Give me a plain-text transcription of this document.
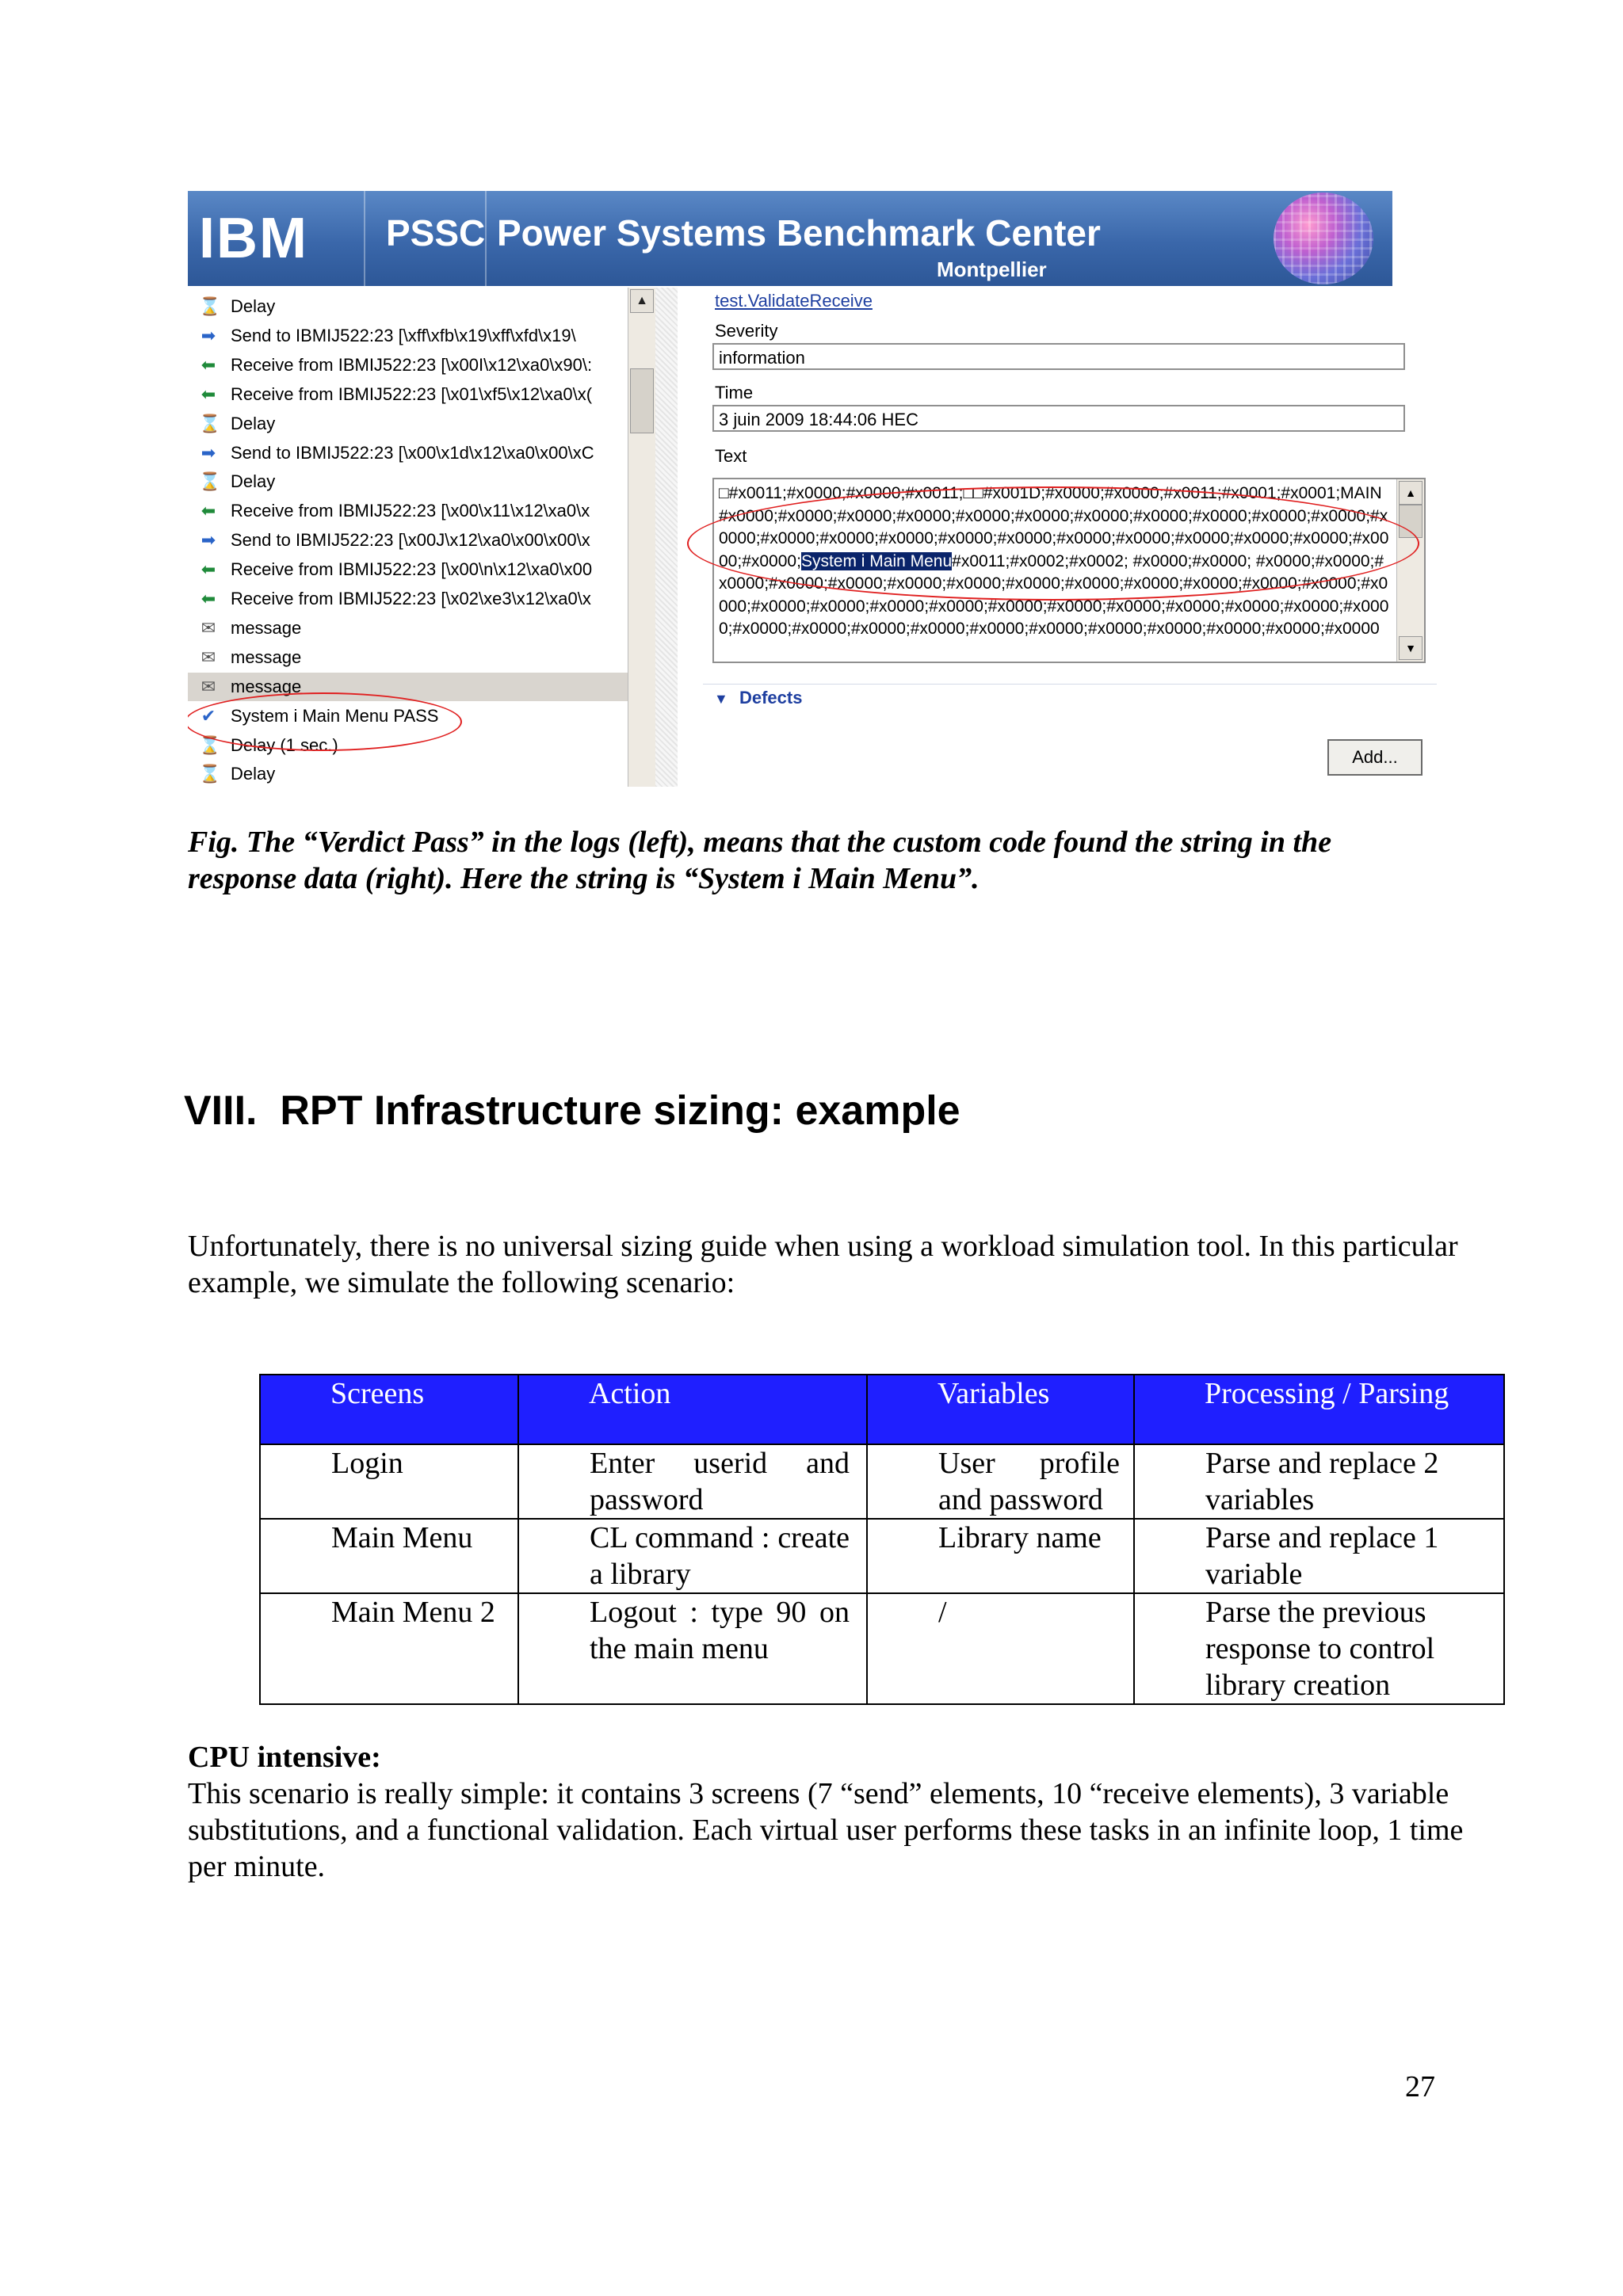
IBM	PSSC Power Systems Benchmark Center
Montpellier
⌛ Delay
➡ Send to IBMIJ522:23 [\xff\xfb\x19\xff\xfd\x19\
⬅ Receive from IBMIJ522:23 [\x00I\x12\xa0\x90\:
⬅ Receive from IBMIJ522:23 [\x01\xf5\x12\xa0\x(
⌛ Delay
➡ Send to IBMIJ522:23 [\x00\x1d\x12\xa0\x00\xC
⌛ Delay
⬅ Receive from IBMIJ522:23 [\x00\x11\x12\xa0\x
➡ Send to IBMIJ522:23 [\x00J\x12\xa0\x00\x00\x
⬅ Receive from IBMIJ522:23 [\x00\n\x12\xa0\x00
⬅ Receive from IBMIJ522:23 [\x02\xe3\x12\xa0\x
✉ message
✉ message
✉ message
✔ System i Main Menu PASS
⌛ Delay (1 sec.)
⌛ Delay
▲	test.ValidateReceive
Severity
information
Time
3 juin 2009 18:44:06 HEC
Text
□#x0011;#x0000;#x0000;#x0011;□□#x001D;#x0000;#x0000;#x0011;#x0001;#x0001;MAIN#x0000;#x0000;#x0000;#x0000;#x0000;#x0000;#x0000;#x0000;#x0000;#x0000;#x0000;#x0000;#x0000;#x0000;#x0000;#x0000;#x0000;#x0000;#x0000;#x0000;#x0000;#x0000;#x0000;#x0000;System i Main Menu#x0011;#x0002;#x0002; #x0000;#x0000; #x0000;#x0000;#x0000;#x0000;#x0000;#x0000;#x0000;#x0000;#x0000;#x0000;#x0000;#x0000;#x0000;#x0000;#x0000;#x0000;#x0000;#x0000;#x0000;#x0000;#x0000;#x0000;#x0000;#x0000;#x0000;#x0000;#x0000;#x0000;#x0000;#x0000;#x0000;#x0000;#x0000;#x0000;#x0000;#x0000
▲
▼
▼ Defects
Add...
Fig. The “Verdict Pass” in the logs (left), means that the custom code found the string in the response data (right). Here the string is “System i Main Menu”.
VIII.  RPT Infrastructure sizing: example
Unfortunately, there is no universal sizing guide when using a workload simulation tool. In this particular example, we simulate the following scenario:
Screens	Action	Variables	Processing / Parsing

Login	Enter userid and password	User profile and password	Parse and replace 2 variables

Main Menu	CL command : create a library	Library name	Parse and replace 1 variable

Main Menu 2	Logout : type 90 on the main menu	/	Parse the previous response to control library creation
CPU intensive:
This scenario is really simple: it contains 3 screens (7 “send” elements, 10 “receive elements), 3 variable substitutions, and a functional validation. Each virtual user performs these tasks in an infinite loop, 1 time per minute.
27
